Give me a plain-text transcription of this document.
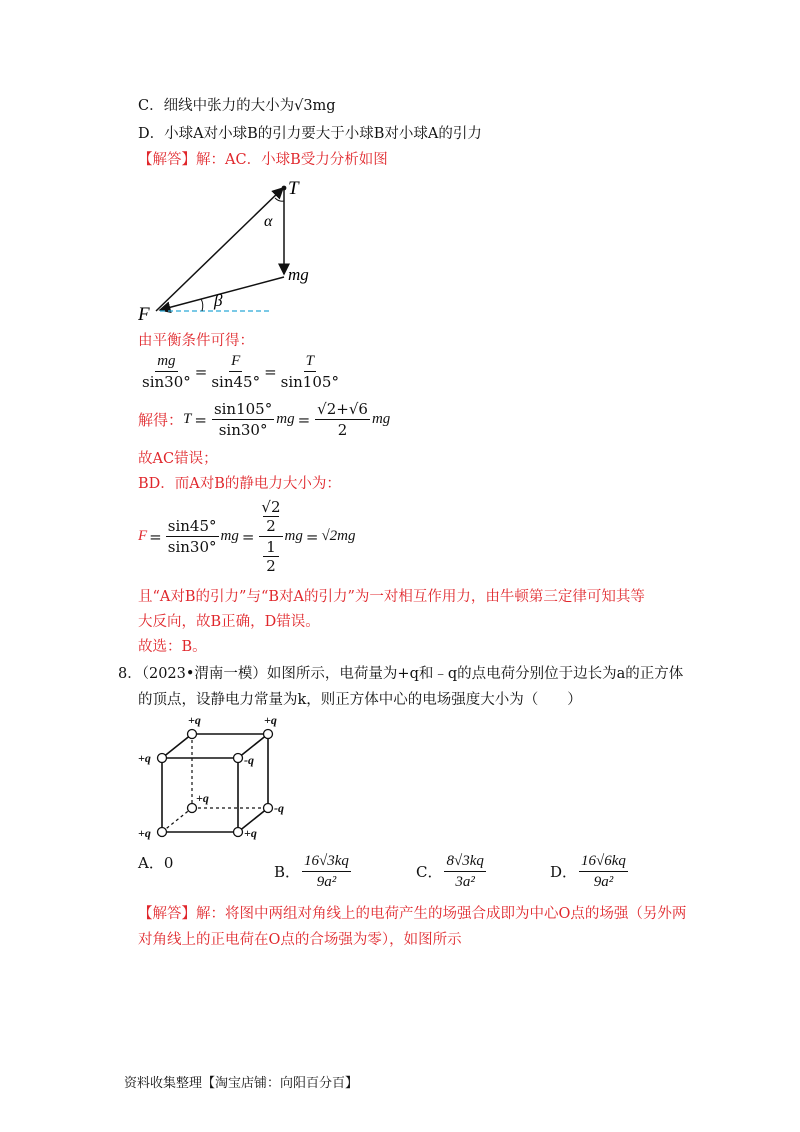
C．细线中张力的大小为√3mg
D．小球A对小球B的引力要大于小球B对小球A的引力
【解答】解：AC．小球B受力分析如图
T
α
mg
F
β
由平衡条件可得：
$\frac{mg}{\sin 30^\circ} = \frac{F}{\sin 45^\circ} = \frac{T}{\sin 105^\circ}$
解得： $T = \frac{\sin 105^\circ}{\sin 30^\circ}$ mg = $\frac{√2+√6}{2}$ mg
故AC错误；
BD．而A对B的静电力大小为：
$F = \frac{\sin 45^\circ}{\sin 30^\circ}$ mg = √2
2
1
2 mg = √2mg
且“A对B的引力”与“B对A的引力”为一对相互作用力，由牛顿第三定律可知其等
大反向，故B正确，D错误。
故选：B。
8．（2023•渭南一模）如图所示，电荷量为+q和﹣q的点电荷分别位于边长为a的正方体
的顶点，设静电力常量为k，则正方体中心的电场强度大小为（　　）
+q
+q	+q
-q
+q
-q
+q	+q
A． 0
B． $\frac{16√3kq}{\text{9a²}}$	C． $\frac{8√3kq}{\text{3a²}}$	D． $\frac{16√6kq}{\text{9a²}}$
【解答】解：将图中两组对角线上的电荷产生的场强合成即为中心O点的场强（另外两
对角线上的正电荷在O点的合场强为零），如图所示
资料收集整理【淘宝店铺：向阳百分百】
